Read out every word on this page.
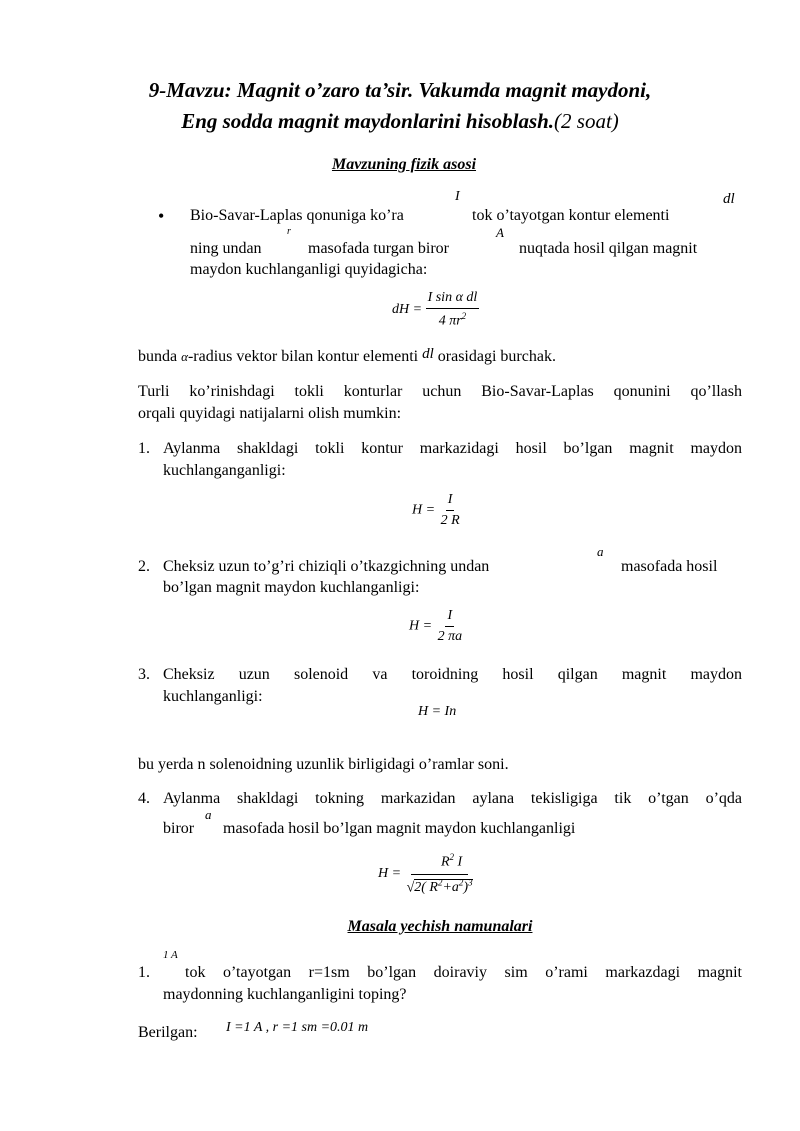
9-Mavzu: Magnit o’zaro ta’sir. Vakumda magnit maydoni,
Eng sodda magnit maydonlarini hisoblash.(2 soat)
Mavzuning fizik asosi
• Bio-Savar-Laplas qonuniga ko’ra
I
tok o’tayotgan kontur elementi
dl
ning undan
r
masofada turgan biror
A
nuqtada hosil qilgan magnit
maydon kuchlanganligi quyidagicha:
dH = $\frac{\text{I sin α dl}}{4 \pi r^2}$
bunda α-radius vektor bilan kontur elementi dl orasidagi burchak.
Turli ko’rinishdagi tokli konturlar uchun Bio-Savar-Laplas qonunini qo’llash
orqali quyidagi natijalarni olish mumkin:
1. Aylanma shakldagi tokli kontur markazidagi hosil bo’lgan magnit maydon
kuchlanganganligi:
$H = \frac{I}{2 R}$
2. Cheksiz uzun to’g’ri chiziqli o’tkazgichning undan
a
masofada hosil
bo’lgan magnit maydon kuchlanganligi:
$H = \frac{I}{2 \pi a}$
3. Cheksiz uzun solenoid va toroidning hosil qilgan magnit maydon
kuchlanganligi:
H = In
bu yerda n solenoidning uzunlik birligidagi o’ramlar soni.
4. Aylanma shakldagi tokning markazidan aylana tekisligiga tik o’tgan o’qda
biror
a
masofada hosil bo’lgan magnit maydon kuchlanganligi
$H = \frac{R^2 I}{√2( R^2+a^2)^3}$
Masala yechish namunalari
1.
1 A
tok o’tayotgan r=1sm bo’lgan doiraviy sim o’rami markazdagi magnit
maydonning kuchlanganligini toping?
Berilgan: I =1 A , r =1 sm =0.01 m
